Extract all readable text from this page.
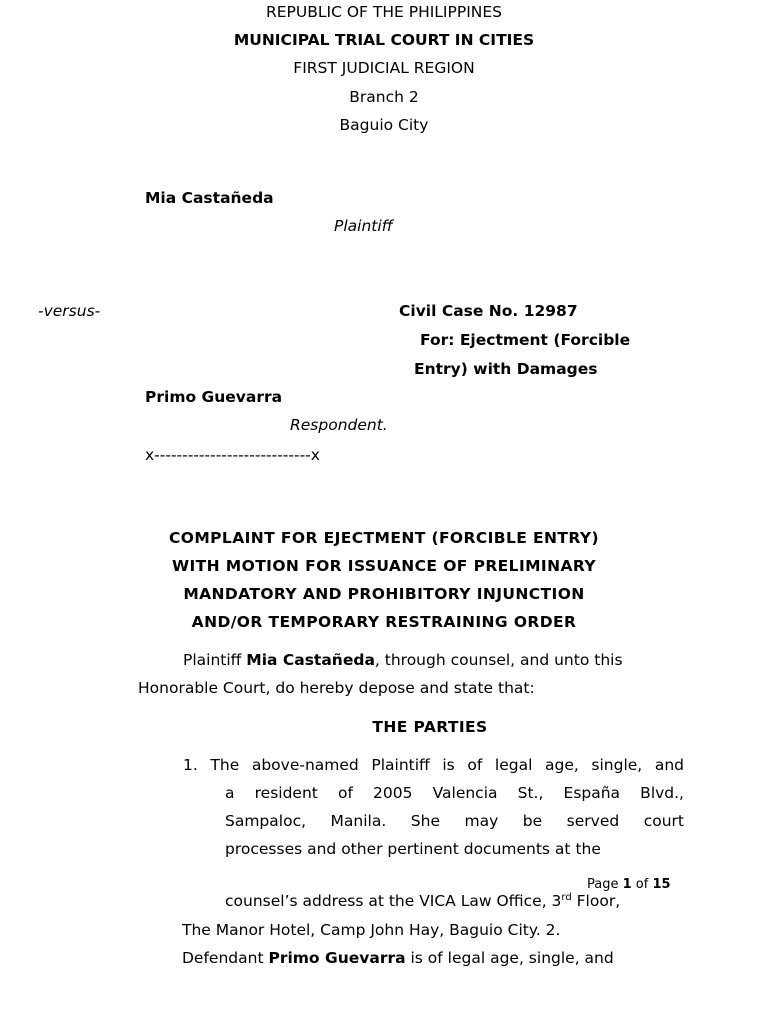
REPUBLIC OF THE PHILIPPINES
MUNICIPAL TRIAL COURT IN CITIES
FIRST JUDICIAL REGION
Branch 2
Baguio City
Mia Castañeda
Plaintiff
-versus-	Civil Case No. 12987
For: Ejectment (Forcible
Entry) with Damages
Primo Guevarra
Respondent.
x----------------------------x
COMPLAINT FOR EJECTMENT (FORCIBLE ENTRY)
WITH MOTION FOR ISSUANCE OF PRELIMINARY
MANDATORY AND PROHIBITORY INJUNCTION
AND/OR TEMPORARY RESTRAINING ORDER
Plaintiff Mia Castañeda, through counsel, and unto this
Honorable Court, do hereby depose and state that:
THE PARTIES
1. The above-named Plaintiff is of legal age, single, and
a resident of 2005 Valencia St., España Blvd.,
Sampaloc, Manila. She may be served court
processes and other pertinent documents at the
Page 1 of 15
counsel’s address at the VICA Law Office, 3rd Floor,
The Manor Hotel, Camp John Hay, Baguio City. 2.
Defendant Primo Guevarra is of legal age, single, and
